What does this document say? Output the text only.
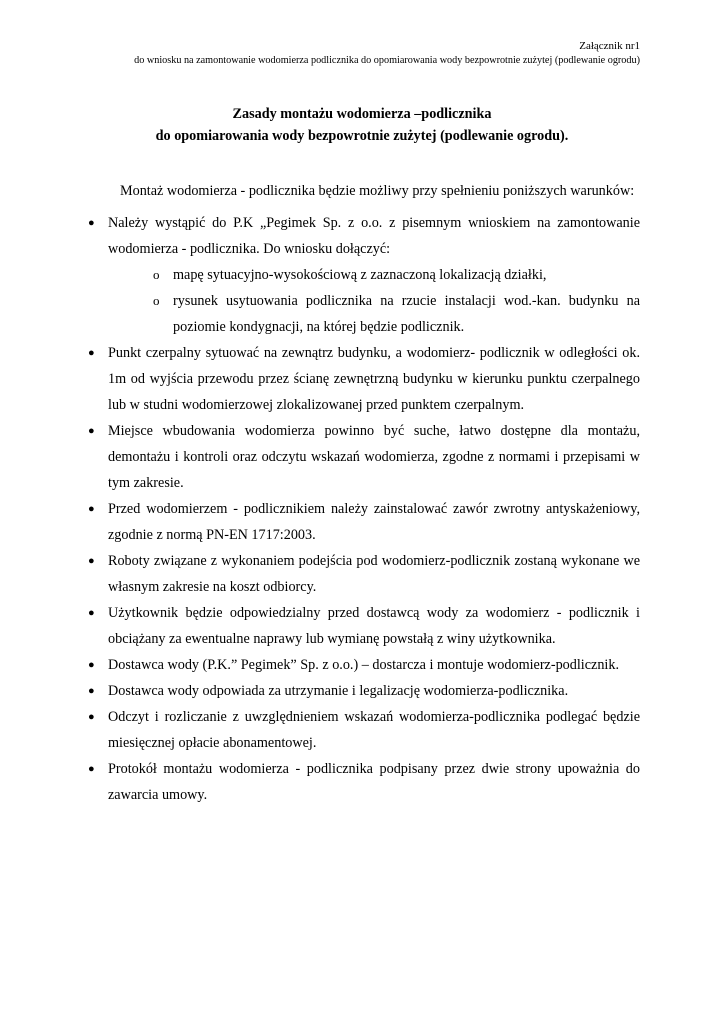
Załącznik nr1
do wniosku na zamontowanie wodomierza podlicznika do opomiarowania wody bezpowrotnie zużytej (podlewanie ogrodu)
Zasady montażu wodomierza –podlicznika
do opomiarowania wody bezpowrotnie zużytej (podlewanie ogrodu).
Montaż wodomierza - podlicznika będzie możliwy przy spełnieniu poniższych warunków:
● Należy wystąpić do P.K „Pegimek Sp. z o.o. z pisemnym wnioskiem na zamontowanie wodomierza - podlicznika. Do wniosku dołączyć:
o mapę sytuacyjno-wysokościową z zaznaczoną lokalizacją działki,
o rysunek usytuowania podlicznika na rzucie instalacji wod.-kan. budynku na poziomie kondygnacji, na której będzie podlicznik.
● Punkt czerpalny sytuować na zewnątrz budynku, a wodomierz- podlicznik w odległości ok. 1m od wyjścia przewodu przez ścianę zewnętrzną budynku w kierunku punktu czerpalnego lub w studni wodomierzowej zlokalizowanej przed punktem czerpalnym.
● Miejsce wbudowania wodomierza powinno być suche, łatwo dostępne dla montażu, demontażu i kontroli oraz odczytu wskazań wodomierza, zgodne z normami i przepisami w tym zakresie.
● Przed wodomierzem - podlicznikiem należy zainstalować zawór zwrotny antyskażeniowy, zgodnie z normą PN-EN 1717:2003.
● Roboty związane z wykonaniem podejścia pod wodomierz-podlicznik zostaną wykonane we własnym zakresie na koszt odbiorcy.
● Użytkownik będzie odpowiedzialny przed dostawcą wody za wodomierz - podlicznik i obciążany za ewentualne naprawy lub wymianę powstałą z winy użytkownika.
● Dostawca wody (P.K.” Pegimek” Sp. z o.o.) – dostarcza i montuje wodomierz-podlicznik.
● Dostawca wody odpowiada za utrzymanie i legalizację wodomierza-podlicznika.
● Odczyt i rozliczanie z uwzględnieniem wskazań wodomierza-podlicznika podlegać będzie miesięcznej opłacie abonamentowej.
● Protokół montażu wodomierza - podlicznika podpisany przez dwie strony upoważnia do zawarcia umowy.
